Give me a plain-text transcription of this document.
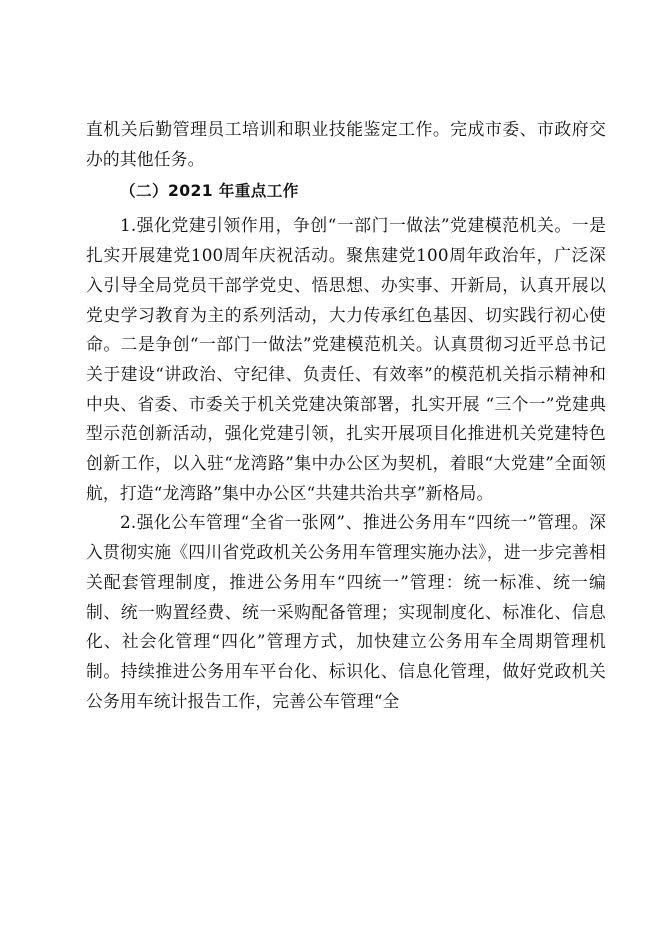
直机关后勤管理员工培训和职业技能鉴定工作。完成市委、市政府交办的其他任务。

（二）2021 年重点工作

1.强化党建引领作用，争创“一部门一做法”党建模范机关。一是扎实开展建党100周年庆祝活动。聚焦建党100周年政治年，广泛深入引导全局党员干部学党史、悟思想、办实事、开新局，认真开展以党史学习教育为主的系列活动，大力传承红色基因、切实践行初心使命。二是争创“一部门一做法”党建模范机关。认真贯彻习近平总书记关于建设“讲政治、守纪律、负责任、有效率”的模范机关指示精神和中央、省委、市委关于机关党建决策部署，扎实开展 “三个一”党建典型示范创新活动，强化党建引领，扎实开展项目化推进机关党建特色创新工作，以入驻“龙湾路”集中办公区为契机，着眼“大党建”全面领航，打造“龙湾路”集中办公区“共建共治共享”新格局。

2.强化公车管理“全省一张网”、推进公务用车“四统一”管理。深入贯彻实施《四川省党政机关公务用车管理实施办法》，进一步完善相关配套管理制度，推进公务用车“四统一”管理：统一标准、统一编制、统一购置经费、统一采购配备管理；实现制度化、标准化、信息化、社会化管理“四化”管理方式，加快建立公务用车全周期管理机制。持续推进公务用车平台化、标识化、信息化管理，做好党政机关公务用车统计报告工作，完善公车管理“全
